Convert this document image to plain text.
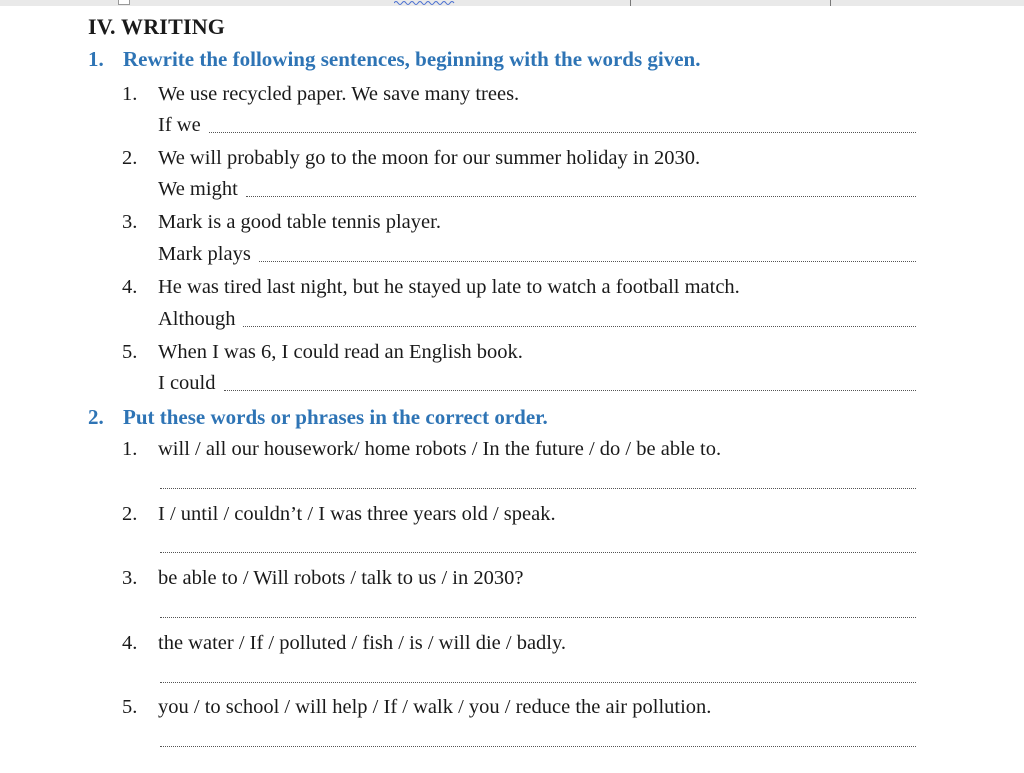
IV. WRITING
1. Rewrite the following sentences, beginning with the words given.
1. We use recycled paper. We save many trees.
If we
2. We will probably go to the moon for our summer holiday in 2030.
We might
3. Mark is a good table tennis player.
Mark plays
4. He was tired last night, but he stayed up late to watch a football match.
Although
5. When I was 6, I could read an English book.
I could
2. Put these words or phrases in the correct order.
1. will / all our housework/ home robots / In the future / do / be able to.
2. I / until / couldn’t / I was three years old / speak.
3. be able to / Will robots / talk to us / in 2030?
4. the water / If / polluted / fish / is / will die / badly.
5. you / to school / will help / If / walk / you / reduce the air pollution.
